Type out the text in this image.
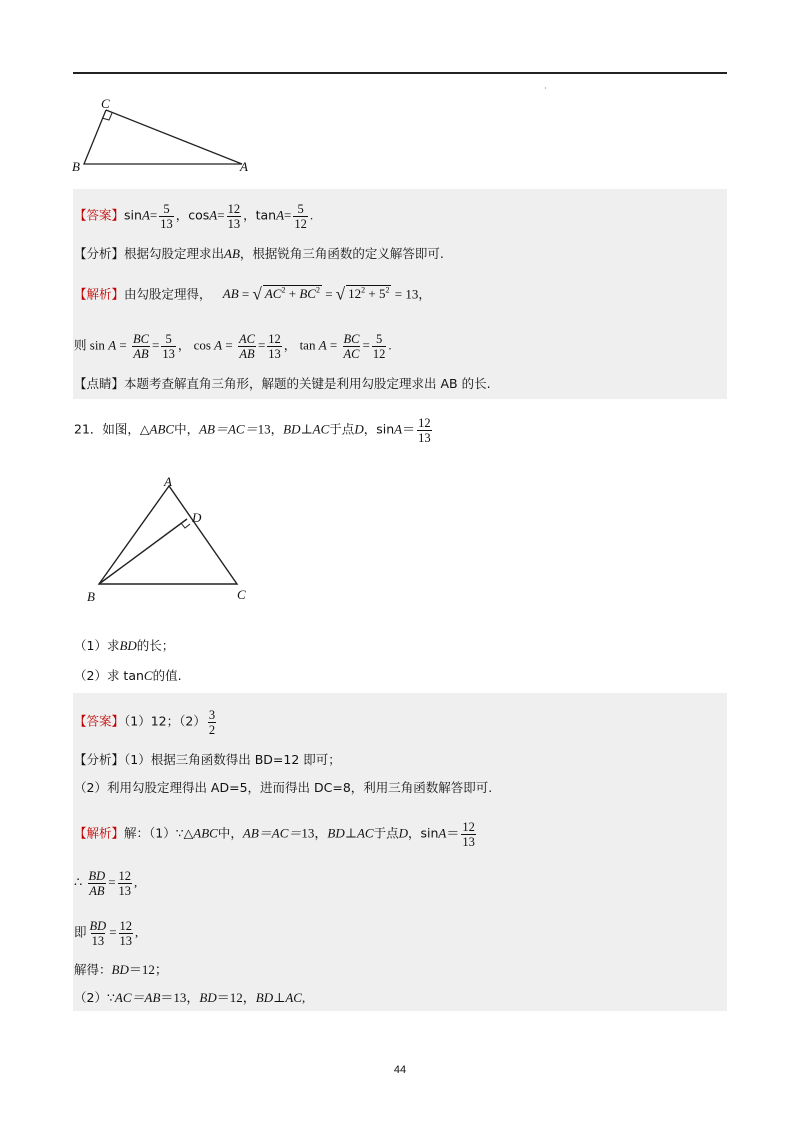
·
C
B	A
【答案】$\sin A= \frac{5}{13}$ ，$\cos A= \frac{12}{13}$ ，$\tan A= \frac{5}{12}$ .
【分析】根据勾股定理求出AB，根据锐角三角函数的定义解答即可.
【解析】由勾股定理得， AB = √ $AC^2 + BC^2$ = √ $12^2 + 5^2 = 13$，
则 $\sin A = \frac{BC}{AB} = \frac{5}{13}$ ， $\cos A = \frac{AC}{AB} = \frac{12}{13}$ ， $\tan A = \frac{BC}{AC} = \frac{5}{12}$ .
【点睛】本题考查解直角三角形，解题的关键是利用勾股定理求出 AB 的长.
21．如图，△ABC中，AB＝AC＝13，BD⊥AC于点D，$\sin A= \frac{12}{13}$
A
D
B	C
（1）求BD的长；
（2）求 tanC的值.
【答案】（1）12；$(2) \frac{3}{2}$
【分析】（1）根据三角函数得出 BD=12 即可；
（2）利用勾股定理得出 AD=5，进而得出 DC=8，利用三角函数解答即可.
【解析】解：（1）∵△ABC中，AB＝AC＝13，BD⊥AC于点D，$\sin A= \frac{12}{13}$
∴ $\frac{BD}{AB} = \frac{12}{13}$ ,
即 $\frac{BD}{13} = \frac{12}{13}$ ,
解得：BD＝12；
（2）∵AC＝AB＝13，BD＝12，BD⊥AC,
44
